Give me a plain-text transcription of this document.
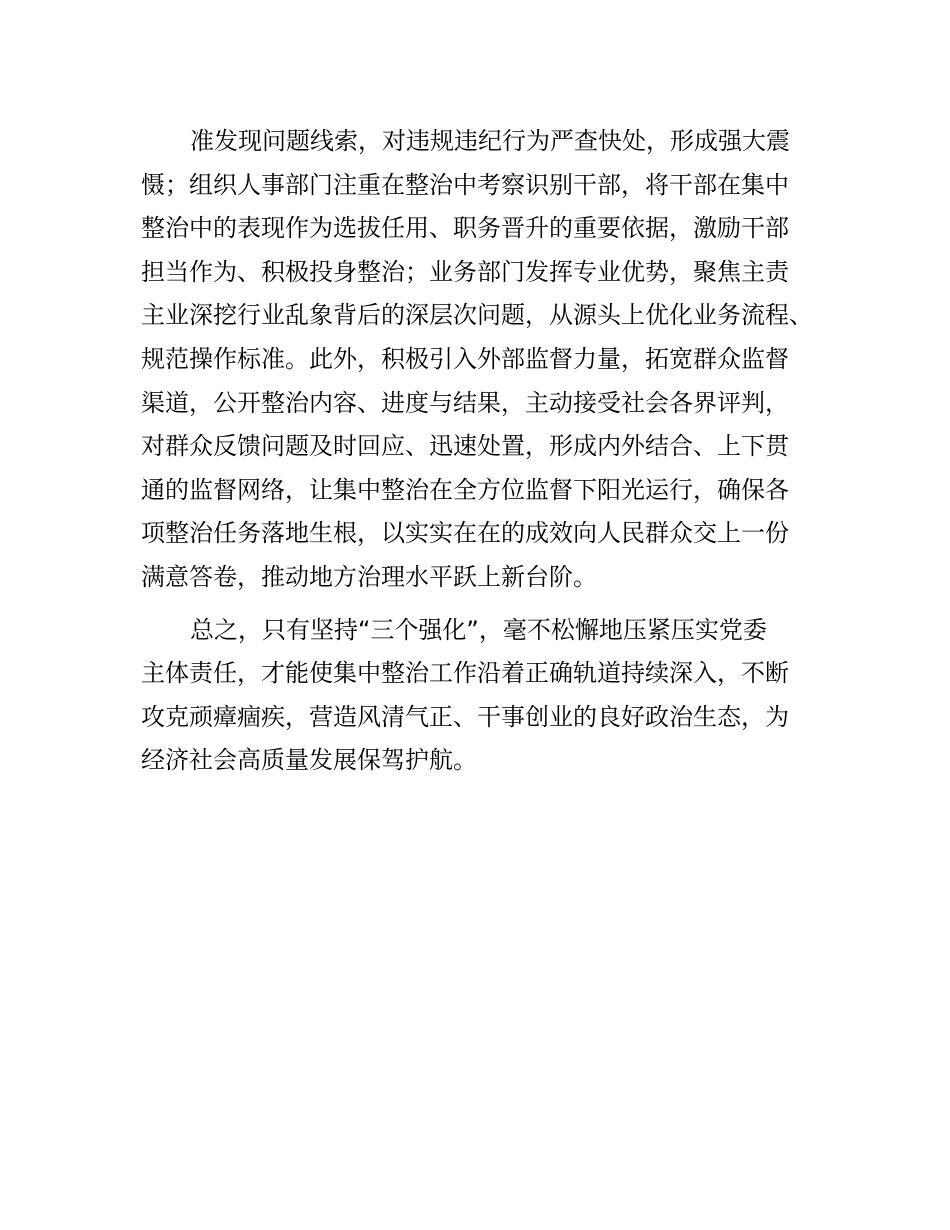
准发现问题线索，对违规违纪行为严查快处，形成强大震
慑；组织人事部门注重在整治中考察识别干部，将干部在集中
整治中的表现作为选拔任用、职务晋升的重要依据，激励干部
担当作为、积极投身整治；业务部门发挥专业优势，聚焦主责
主业深挖行业乱象背后的深层次问题，从源头上优化业务流程、
规范操作标准。此外，积极引入外部监督力量，拓宽群众监督
渠道，公开整治内容、进度与结果，主动接受社会各界评判，
对群众反馈问题及时回应、迅速处置，形成内外结合、上下贯
通的监督网络，让集中整治在全方位监督下阳光运行，确保各
项整治任务落地生根，以实实在在的成效向人民群众交上一份
满意答卷，推动地方治理水平跃上新台阶。

总之，只有坚持“三个强化”，毫不松懈地压紧压实党委
主体责任，才能使集中整治工作沿着正确轨道持续深入，不断
攻克顽瘴痼疾，营造风清气正、干事创业的良好政治生态，为
经济社会高质量发展保驾护航。
